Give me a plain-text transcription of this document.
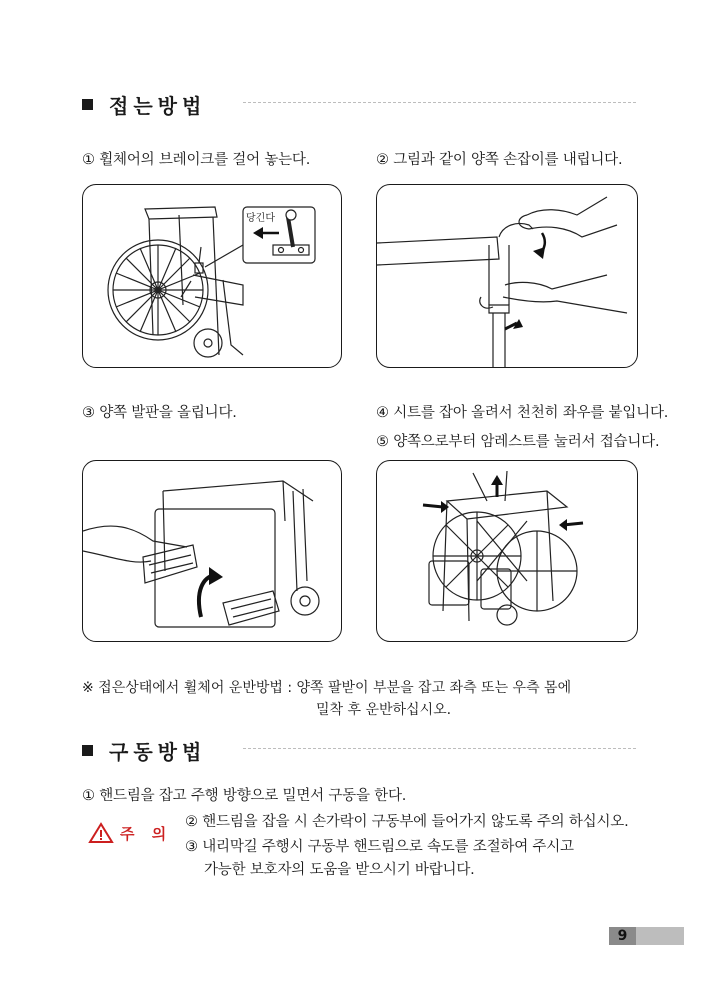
접는방법
① 휠체어의 브레이크를 걸어 놓는다.	② 그림과 같이 양쪽 손잡이를 내립니다.
당긴다
③ 양쪽 발판을 올립니다.	④ 시트를 잡아 올려서 천천히 좌우를 붙입니다.
⑤ 양쪽으로부터 암레스트를 눌러서 접습니다.
※ 접은상태에서 휠체어 운반방법 : 양쪽 팔받이 부분을 잡고 좌측 또는 우측 몸에
밀착 후 운반하십시오.
구동방법
① 핸드림을 잡고 주행 방향으로 밀면서 구동을 한다.
주 의
② 핸드림을 잡을 시 손가락이 구동부에 들어가지 않도록 주의 하십시오.
③ 내리막길 주행시 구동부 핸드림으로 속도를 조절하여 주시고
가능한 보호자의 도움을 받으시기 바랍니다.
9
